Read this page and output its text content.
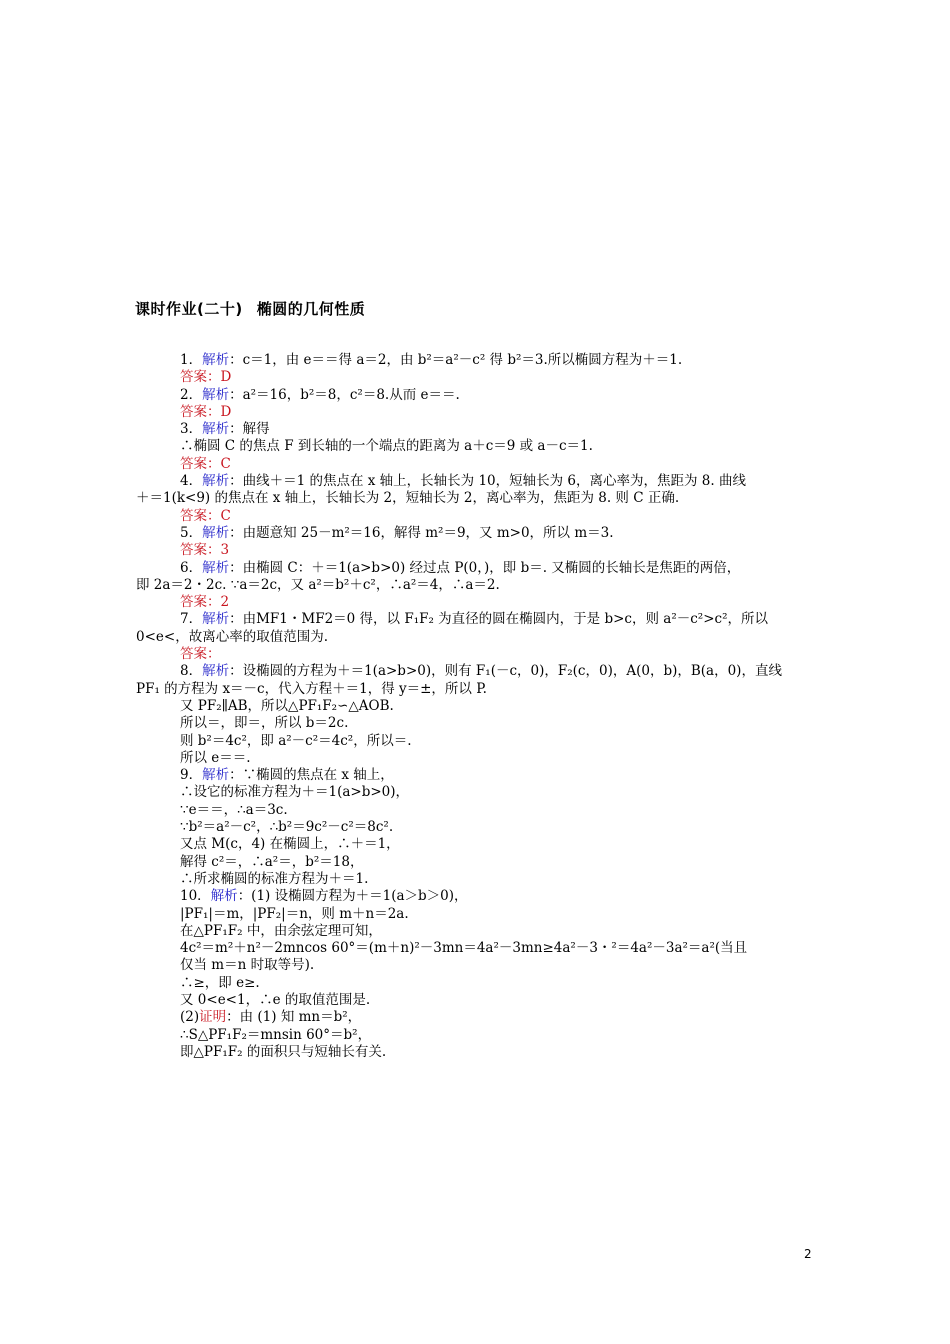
课时作业(二十) 椭圆的几何性质
1．解析：c＝1，由 e＝＝得 a＝2，由 b²＝a²－c² 得 b²＝3.所以椭圆方程为＋＝1.
答案：D
2．解析：a²＝16，b²＝8，c²＝8.从而 e＝＝.
答案：D
3．解析：解得
∴椭圆 C 的焦点 F 到长轴的一个端点的距离为 a＋c＝9 或 a－c＝1.
答案：C
4．解析：曲线＋＝1 的焦点在 x 轴上，长轴长为 10，短轴长为 6，离心率为，焦距为 8. 曲线
＋＝1(k<9) 的焦点在 x 轴上，长轴长为 2，短轴长为 2，离心率为，焦距为 8. 则 C 正确.
答案：C
5．解析：由题意知 25－m²＝16，解得 m²＝9，又 m>0，所以 m＝3.
答案：3
6．解析：由椭圆 C：＋＝1(a>b>0) 经过点 P(0，)，即 b＝. 又椭圆的长轴长是焦距的两倍，
即 2a＝2・2c. ∵a＝2c，又 a²＝b²＋c²，∴a²＝4，∴a＝2.
答案：2
7．解析：由MF1・MF2＝0 得，以 F₁F₂ 为直径的圆在椭圆内，于是 b>c，则 a²－c²>c²，所以
0<e<，故离心率的取值范围为.
答案：
8．解析：设椭圆的方程为＋＝1(a>b>0)，则有 F₁(－c，0)，F₂(c，0)，A(0，b)，B(a，0)，直线
PF₁ 的方程为 x＝－c，代入方程＋＝1，得 y＝±，所以 P.
又 PF₂∥AB，所以△PF₁F₂∽△AOB.
所以＝，即＝，所以 b＝2c.
则 b²＝4c²，即 a²－c²＝4c²，所以＝.
所以 e＝＝.
9．解析：∵椭圆的焦点在 x 轴上，
∴设它的标准方程为＋＝1(a>b>0)，
∵e＝＝，∴a＝3c.
∵b²＝a²－c²，∴b²＝9c²－c²＝8c².
又点 M(c，4) 在椭圆上，∴＋＝1，
解得 c²＝，∴a²＝，b²＝18，
∴所求椭圆的标准方程为＋＝1.
10．解析：(1) 设椭圆方程为＋＝1(a＞b＞0)，
|PF₁|＝m，|PF₂|＝n，则 m＋n＝2a.
在△PF₁F₂ 中，由余弦定理可知，
4c²＝m²＋n²－2mncos 60°＝(m＋n)²－3mn＝4a²－3mn≥4a²－3・²＝4a²－3a²＝a²(当且
仅当 m＝n 时取等号).
∴≥，即 e≥.
又 0<e<1，∴e 的取值范围是.
(2)证明：由 (1) 知 mn＝b²，
∴S△PF₁F₂＝mnsin 60°＝b²，
即△PF₁F₂ 的面积只与短轴长有关.
2
